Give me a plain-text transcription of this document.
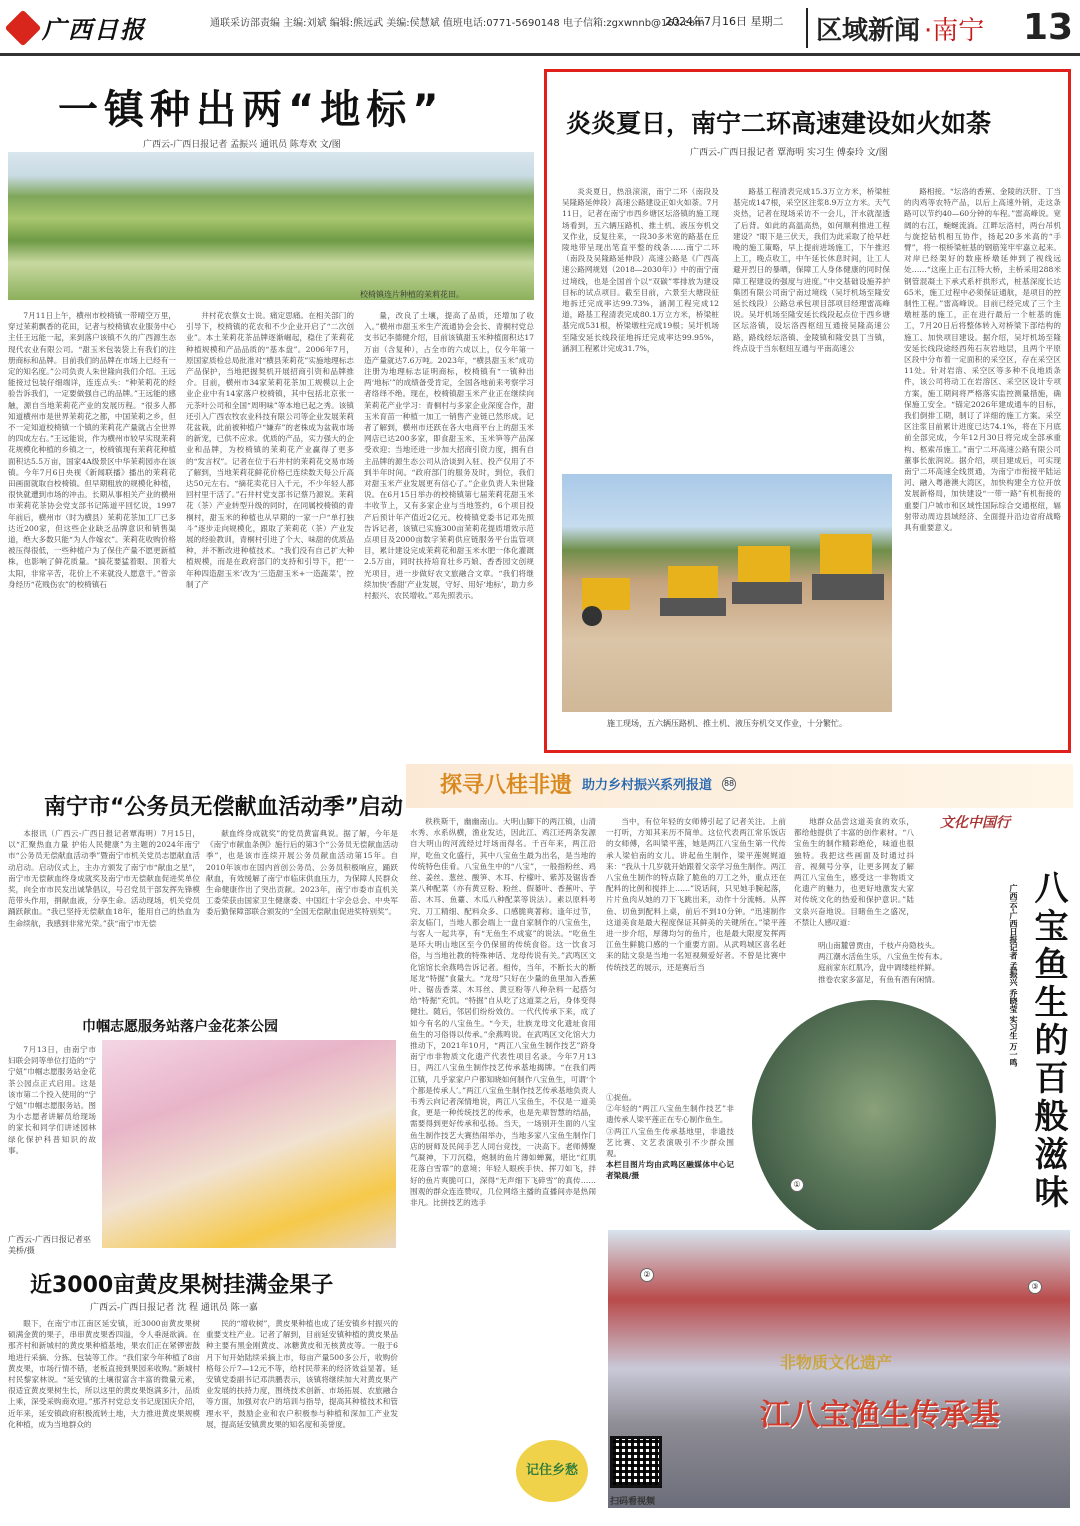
广西日报	通联采访部责编 主编:刘斌 编辑:熊远武 美编:侯慧斌 值班电话:0771-5690148 电子信箱:zgxwnnb@163.com
2024年7月16日 星期二 区域新闻 ·南宁 13
一镇种出两“地标”
广西云-广西日报记者 孟振兴 通讯员 陈寿欢 文/图
校椅镇连片种植的茉莉花田。

7月11日上午，横州市校椅镇一带晴空万里，穿过茉莉飘香的花田，记者与校椅镇农业服务中心主任王远能一起，来到落户该镇不久的广西源生态现代农业有限公司。“甜玉米包装袋上有我们的注册商标和品牌。目前我们的品牌在市场上已经有一定的知名度。”公司负责人朱世隆向我们介绍。王远能接过包装仔细端详，连连点头：“种茉莉花的经验告诉我们，一定要做强自己的品牌。”王远能的感触，源自当地茉莉花产业的发展历程。“很多人都知道横州市是世界茉莉花之都，中国茉莉之乡，但不一定知道校椅镇一个镇的茉莉花产量就占全世界的四成左右。”王远能说，作为横州市较早实现茉莉花规模化种植的乡镇之一，校椅镇现有茉莉花种植面积达5.5万亩，国家4A级景区中华茉莉园亦在该镇。今年7月6日央视《新闻联播》播出的茉莉花田画面就取自校椅镇。但早期粗放的规模化种植，很快就遭到市场的冲击。长期从事相关产业的横州市茉莉花茶协会党支部书记陈道平回忆说，1997年前后，横州市（时为横县）茉莉花茶加工厂已多达近200家，但这些企业缺乏品牌意识和销售渠道，绝大多数只能“为人作嫁衣”。茉莉花收购价格被压得很低，一些种植户为了保住产量不愿更新植株，也影响了鲜花质量。“搞花要猛着眼、顶着大太阳，非常辛苦，花价上不来就没人愿意干。”曾亲身经历“花贱伤农”的校椅镇石

井村花农蔡女士说。痛定思痛。在相关部门的引导下，校椅镇的花农和不少企业开启了“二次创业”。本土茉莉花茶品牌逐渐崛起，稳住了茉莉花种植规模和产品品质的“基本盘”。2006年7月，原国家质检总局批准对“横县茉莉花”实施地理标志产品保护，当地把握契机开展招商引资和品牌推介。目前，横州市34家茉莉花茶加工规模以上企业企业中有14家落户校椅镇，其中包括北京张一元茶叶公司和全国“周明味”等本地已起之秀。该镇还引入广西农牧农业科技有限公司等企业发展茉莉花盆栽，此前被种植户“嫌弃”的老株成为盆栽市场的新宠，已供不应求。优质的产品，实力强大的企业和品牌，为校椅镇的茉莉花产业赢得了更多的“发言权”。记者在位于石井村的茉莉花交易市场了解到，当地茉莉花鲜花价格已连续数天每公斤高达50元左右。“摘花卖花日入千元，不少年轻人都回村里干活了。”石井村党支部书记蔡乃源说。茉莉花（茶）产业转型升级的同时，在同属校椅镇的青桐村，甜玉米的种植也从早期的一家一户“单打独斗”逐步走向规模化，跟取了茉莉花（茶）产业发展的经验教训，青桐村引进了个大、味甜的优质品种，并不断改进种植技术。“我们没有自己扩大种植规模，而是在政府部门的支持和引导下，把‘一年种四造甜玉米’改为‘三造甜玉米+一造蔬菜’，控制了产

量，改良了土壤，提高了品质，还增加了收入。”横州市甜玉米生产流通协会会长、青桐村党总支书记李德健介绍，目前该镇甜玉米种植面积达17万亩（含复种），占全市的六成以上，仅今年第一造产量就达7.6万吨。2023年，“横县甜玉米”成功注册为地理标志证明商标，校椅镇有“一镇种出两‘地标’”的成绩备受肯定，全国各地前来考察学习者络绎不绝。现在，校椅镇甜玉米产业正在继续向茉莉花产业学习：青桐村与多家企业深度合作，甜玉米育苗一种植一加工一销售产业链已然形成。记者了解到，横州市还跃在各大电商平台上的甜玉米网店已达200多家，即食甜玉米、玉米笋等产品深受欢迎；当地还进一步加大招商引资力度，拥有自主品牌的源生态公司从洽谈到入驻、投产仅用了不到半年时间。“政府部门的服务及时，到位，我们对甜玉米产业发展更有信心了。”企业负责人朱世隆说。在6月15日举办的校椅镇第七届茉莉花甜玉米丰收节上，又有多家企业与当地签约，6个项目投产后预计年产值近2亿元。校椅镇党委书记邓先照告诉记者，该镇已实施300亩茉莉花提质增效示范点项目及2000亩数字茉莉供应链服务平台监管项目，累计建设完成茉莉花和甜玉米水肥一体化灌溉2.5万亩，同时扶持培育壮乡巧娘、香香园文创规光项目，进一步做好农文旅融合文章。“我们将继续加快‘香甜’产业发展，守好、用好‘地标’，助力乡村振兴、农民增收。”邓先照表示。

炎炎夏日，南宁二环高速建设如火如荼
广西云-广西日报记者 覃海明 实习生 傅泰玲 文/图

炎炎夏日，热浪滚滚，南宁二环（南段及吴隆路延伸段）高速公路建设正如火如荼。7月11日，记者在南宁市西乡塘区坛洛镇的施工现场看到，五六辆压路机、推土机、液压夯机交叉作业，反复往来，一段30多米宽的路基在丘陵地带呈现出笔直平整的线条……南宁二环（南段及吴隆路延伸段）高速公路是《广西高速公路网规划（2018—2030年）》中的南宁南过境线，也是全国首个以“双碳”零排放为建设目标的试点项目。截至目前，六景至大塘段征地拆迁完成率达99.73%，涵洞工程完成12道，路基工程清表完成80.1万立方米，桥梁桩基完成531根，桥梁墩柱完成19根；吴圩机场至隆安延长线段征地拆迁完成率达99.95%，涵洞工程累计完成31.7%，

路基工程清表完成15.3万立方米，桥梁桩基完成147根，采空区注浆8.9万立方米。天气炎热，记者在现场采访不一会儿，汗水就湿透了后背。如此的高温高热，如何顺利推进工程建设？“眼下是三伏天，我们为此采取了抢早赶晚的施工策略，早上提前进场施工，下午推迟上工，晚点收工，中午延长休息时间，让工人避开烈日的暴晒，保障工人身体健康的同时保障工程建设的强度与进度。”中交基础设施养护集团有限公司南宁南过境线（吴圩机场至隆安延长线段）公路总承包项目部项目经理雷高峰说。吴圩机场至隆安延长线段起点位于西乡塘区坛洛镇，设坛洛西枢纽互通接吴隆高速公路，路线经坛洛镇、金陵镇和隆安县丁当镇，终点设于当东枢纽互通与平南高速公

路相接。“坛洛的香蕉、金陵的沃肝、丁当的肉鸡等农特产品，以后上高速外销，走这条路可以节约40—60分钟的车程。”雷高峰说。宽阔的右江，蜿蜒流淌。江畔坛洛村，两台吊机与旋挖钻机相互协作，扬起20多米高的“手臂”，将一根桥梁桩基的钢筋笼牢牢嘉立起来。对岸已经架好的数座桥墩延伸到了视线远处……“这座上正右江特大桥，主桥采用288米钢管混凝土下承式系杆拱形式，桩基深度长达65米，施工过程中必须保证通航，是项目的控制性工程。”雷高峰说。目前已经完成了三个主墩桩基的施工，正在进行最后一个桩基的施工，7月20日后将整体转入对桥梁下部结构的施工、加快项目建设。据介绍，吴圩机场至隆安延长线段途经西苑石灰岩地层，且两个平原区段中分布着一定面积的采空区，存在采空区11处。针对岩溶、采空区等多种不良地质条件，该公司将动工在岩溶区、采空区设计专项方案，施工期间将严格落实监控测量措施，确保施工安全。“锚定2026年建成通车的目标，我们倒排工期，制订了详细的施工方案。采空区注浆目前累计进度已达74.1%，将在下月底前全部完成，今年12月30日将完成全部承重构、柩索吊施工。”南宁二环高速公路有限公司董事长旅润说。据介绍，项目建成后，可实现南宁二环高速全线贯通，为南宁市衔接平陆运河、融入粤港澳大湾区，加快构建全方位开放发展新格局，加快建设“一带一路”有机衔接的重要门户城市和区域性国际综合交通枢纽，辐射带动周边县域经济、全面提升沿边省府战略具有重要意义。

施工现场，五六辆压路机、推土机、液压夯机交叉作业，十分繁忙。
南宁市“公务员无偿献血活动季”启动

本报讯（广西云-广西日报记者覃海明）7月15日，以“汇聚热血力量 护佑人民健康”为主题的2024年南宁市“公务员无偿献血活动季”暨南宁市机关党员志愿献血活动启动。启动仪式上，主办方颁发了南宁市“献血之星”，南宁市无偿献血终身成就奖及南宁市无偿献血促进奖单位奖，向全市市民发出诚挚倡议，号召党员干部发挥先锋模范带头作用，捐献血液，分享生命。活动现场，机关党员踊跃献血。“我已坚持无偿献血18年，能用自己的热血为生命续航，我感到非常光荣。”获“南宁市无偿

献血终身成就奖”的党员黄富典说。据了解，今年是《南宁市献血条例》施行后的第3个“公务员无偿献血活动季”，也是该市连续开展公务员献血活动第15年。自2010年该市在国内首创公务员、公务员积极响应，踊跃献血，有效缓解了南宁市临床供血压力，为保障人民群众生命健康作出了突出贡献。2023年，南宁市委市直机关工委荣获由国家卫生健康委、中国红十字会总会、中央军委后勤保障部联合颁发的“全国无偿献血促进奖特别奖”。

巾帼志愿服务站落户金花茶公园

7月13日，由南宁市妇联会同等单位打造的“宁宁妞”巾帼志愿服务站金花茶公园点正式启用。这是该市第二个投入使用的“宁宁妞”巾帼志愿服务站。图为小志愿者讲解员给现场的家长和同学们讲述园林绿化保护科普知识的故事。

广西云-广西日报记者巫美桥/摄
近3000亩黄皮果树挂满金果子
广西云-广西日报记者 沈 程 通讯员 陈一嘉

眼下，在南宁市江南区延安镇，近3000亩黄皮果树硕满金黄的果子，串串黄皮果香四溢，令人垂涎欲滴。在那齐村和新城村的黄皮果种植基地，果农们正在紧锣密鼓地进行采摘、分拣、包装等工作。“我们家今年种植了8亩黄皮果，市场行情不错，老板直接到果园来收购。”新城村村民黎家林说。“延安镇的土壤很富含丰富的微量元素，很适宜黄皮果树生长，所以这里的黄皮果饱满多汁，品质上乘，深受采购商欢迎。”那齐村党总支书记庞国庆介绍，近年来，延安镇政府积极流转土地，大力推进黄皮果规模化种植，成为当地群众的

民的“增收树”，黄皮果种植也成了延安镇乡村振兴的重要支柱产业。记者了解到，目前延安镇种植的黄皮果品种主要有黑金刚黄皮、冰糖黄皮和无核黄皮等。一般于6月下旬开始陆续采摘上市，每亩产量500多公斤，收购价格每公斤7—12元不等，给村民带来的经济效益显著。延安镇党委副书记邓洪鹏表示，该镇将继续加大对黄皮果产业发展的扶持力度，围绕技术创新、市场拓展、农旅融合等方面，加强对农户的培训与指导，提高其种植技术和管理水平，鼓励企业和农户积极参与种植和深加工产业发展，提高延安镇黄皮果的知名度和美誉度。

探寻八桂非遗 助力乡村振兴系列报道 88
文化中国行

秩秩斯干，幽幽南山。大明山脚下的两江镇，山清水秀、水系纵横，渔业发达，因此江、鸡江还两条发源自大明山的河流经过圩场而得名。千百年来，两江沿岸，吃鱼文化盛行，其中八宝鱼生最为出名，是当地的传统特色佳肴。八宝鱼生中的“八宝”，一般指粉丝、鸡丝、姜丝、葱丝、酸笋、木耳、柠檬叶、紫苏及锯齿香菜八种配菜（亦有黄豆粉、粉丝、假蒌叶、香蕉叶、芋苗、木耳、鱼薹、木瓜八种配菜等说法）。素以原料考究、刀工精细、配料众多、口感脆爽著称。逢年过节，亲友临门，当地人都会端上一盘自家制作的八宝鱼生，与客人一起共享，有“无鱼生不成宴”的说法。“吃鱼生是环大明山地区至今仍保留的传统食俗。这一饮食习俗，与当地社教的特殊神话、龙母传说有关。”武鸣区文化馆馆长余燕鸣告诉记者。相传，当年，不断长大的断尾龙“特掘”食量大。“龙母”只好在少量的鱼里加入香蕉叶、锯齿香菜、木耳丝、黄豆粉等八种杂料一起搭匀给“特掘”充饥。“特掘”自从吃了这道菜之后，身体变得健壮。随后，邻居们纷纷效仿。一代代传承下来，成了如今有名的八宝鱼生。“今天，壮族龙母文化遗址食用鱼生的习俗得以传承。”余燕鸣说。在武鸣区文化馆大力推动下，2021年10月，“两江八宝鱼生制作技艺”跻身南宁市非物质文化遗产代表性项目名录。今年7月13日，两江八宝鱼生制作技艺传承基地揭牌。“在我们两江镇，几乎家家户户都知晓如何制作八宝鱼生，可谓‘个个都是传承人’。”两江八宝鱼生制作技艺传承基地负责人韦秀云向记者深情地说，两江八宝鱼生，不仅是一道美食，更是一种传统技艺的传承，也是先辈智慧的结晶，需要得到更好传承和弘扬。当天，一场别开生面的八宝鱼生制作技艺大赛热闹举办，当地多家八宝鱼生制作门店的厨师及民间手艺人同台竞技，一决高下。老师傅聚气凝神，下刀沉稳，炮制的鱼片薄如蝉翼，堪比“红肌花落白雪霏”的意境；年轻人眼疾手快、挥刀如飞，拌好的鱼片爽脆可口，深得“无声细下飞碎雪”的真传……围观的群众连连赞叹，几位网络主播的直播间亦是热闹非凡。比拼技艺的选手

当中，有位年轻的女师傅引起了记者关注。上前一打听，方知其来历不简单。这位代表两江常乐饭店的女师傅，名叫梁平莲，她是两江八宝鱼生第一代传承人梁伯南的女儿。讲起鱼生制作，梁平莲娓娓道来：“我从十几岁就开始跟着父亲学习鱼生制作。两江八宝鱼生制作的特点除了脆鱼的刀工之外，重点还在配料的比例和搅拌上……”说话间，只见她手腕起落，片片鱼肉从她的刀下飞跳出来，动作十分流畅。从挥鱼、切鱼到配料上桌，前后不到10分钟。“迅速制作这道美食是最大程度保证其鲜美的关键所在。”梁平莲进一步介绍，厚薄均匀的鱼片，也是最大限度发挥两江鱼生鲜脆口感的一个重要方面。从武鸣城区喜名赶来的陆文泉是当地一名短视频爱好者。不曾是比赛中传统技艺的展示，还是赛后当

地群众品尝这道美食的欢乐，都给他提供了丰富的创作素材。“八宝鱼生的制作精彩绝伦，味道也很独特。我把这些画面及时通过抖音、视频号分享，让更多网友了解两江八宝鱼生，感受这一非物质文化遗产的魅力，也更好地激发大家对传统文化的热爱和保护意识。”陆文泉兴奋地说。目睹鱼生之盛况，不禁让人感叹道：

明山南麓曾贾由，千枝卢舟隐枝头。
两江潮水活鱼生乐，八宝鱼生传有本。
庭前家东红肌冷，盘中调缕桂样鲜。
推卷农家多富足，有鱼有酒有闲情。	八宝鱼生的百般滋味
广西云-广西日报记者 孟振兴 乔晓莹 实习生 万一鸣
①捉鱼。
②年轻的“两江八宝鱼生制作技艺”非遗传承人梁平莲正在专心制作鱼生。
③两江八宝鱼生传承基地里，非遗技艺比赛、文艺表演吸引不少群众围观。
本栏目图片均由武鸣区融媒体中心记者梁晨/摄
①
②
③
非物质文化遗产
江八宝渔生传承基
记住乡愁
扫码看视频
